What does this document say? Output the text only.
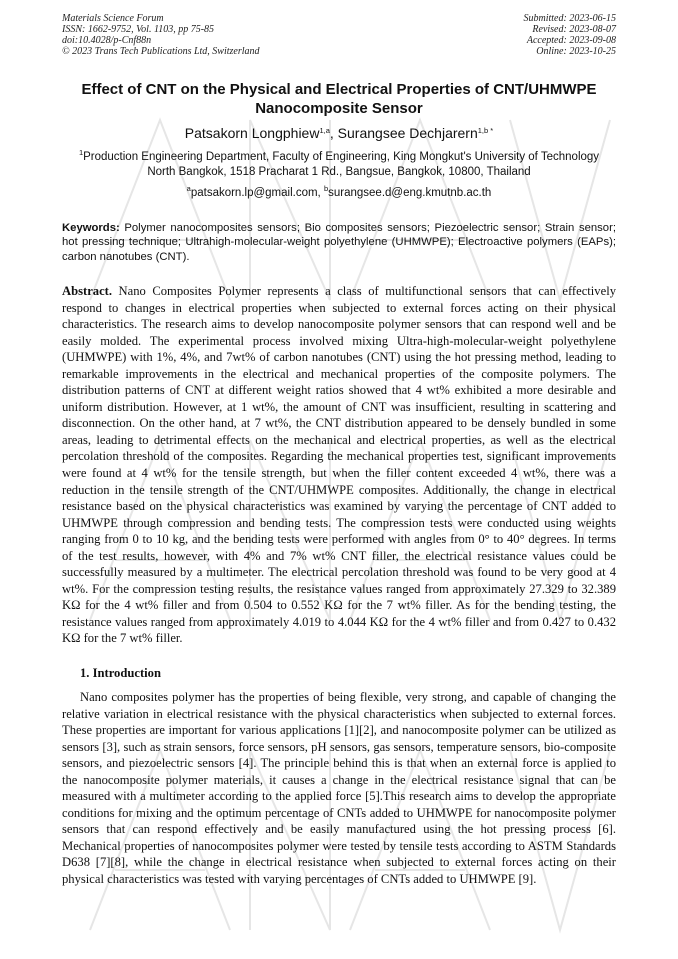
Materials Science Forum
ISSN: 1662-9752, Vol. 1103, pp 75-85
doi:10.4028/p-Cnf88n
© 2023 Trans Tech Publications Ltd, Switzerland
Submitted: 2023-06-15
Revised: 2023-08-07
Accepted: 2023-09-08
Online: 2023-10-25
Effect of CNT on the Physical and Electrical Properties of CNT/UHMWPE Nanocomposite Sensor
Patsakorn Longphiew$^{1,a}$, Surangsee Dechjarern$^{1,b *}$
$^1$Production Engineering Department, Faculty of Engineering, King Mongkut's University of Technology North Bangkok, 1518 Pracharat 1 Rd., Bangsue, Bangkok, 10800, Thailand
$^a$patsakorn.lp@gmail.com, $^b$surangsee.d@eng.kmutnb.ac.th
Keywords: Polymer nanocomposites sensors; Bio composites sensors; Piezoelectric sensor; Strain sensor; hot pressing technique; Ultrahigh-molecular-weight polyethylene (UHMWPE); Electroactive polymers (EAPs); carbon nanotubes (CNT).
Abstract. Nano Composites Polymer represents a class of multifunctional sensors that can effectively respond to changes in electrical properties when subjected to external forces acting on their physical characteristics. The research aims to develop nanocomposite polymer sensors that can respond well and be easily molded. The experimental process involved mixing Ultra-high-molecular-weight polyethylene (UHMWPE) with 1%, 4%, and 7wt% of carbon nanotubes (CNT) using the hot pressing method, leading to remarkable improvements in the electrical and mechanical properties of the composite polymers. The distribution patterns of CNT at different weight ratios showed that 4 wt% exhibited a more desirable and uniform distribution. However, at 1 wt%, the amount of CNT was insufficient, resulting in scattering and disconnection. On the other hand, at 7 wt%, the CNT distribution appeared to be densely bundled in some areas, leading to detrimental effects on the mechanical and electrical properties, as well as the electrical percolation threshold of the composites. Regarding the mechanical properties test, significant improvements were found at 4 wt% for the tensile strength, but when the filler content exceeded 4 wt%, there was a reduction in the tensile strength of the CNT/UHMWPE composites. Additionally, the change in electrical resistance based on the physical characteristics was examined by varying the percentage of CNT added to UHMWPE through compression and bending tests. The compression tests were conducted using weights ranging from 0 to 10 kg, and the bending tests were performed with angles from 0° to 40° degrees. In terms of the test results, however, with 4% and 7% wt% CNT filler, the electrical resistance values could be successfully measured by a multimeter. The electrical percolation threshold was found to be very good at 4 wt%. For the compression testing results, the resistance values ranged from approximately 27.329 to 32.389 KΩ for the 4 wt% filler and from 0.504 to 0.552 KΩ for the 7 wt% filler. As for the bending testing, the resistance values ranged from approximately 4.019 to 4.044 KΩ for the 4 wt% filler and from 0.427 to 0.432 KΩ for the 7 wt% filler.
1. Introduction
Nano composites polymer has the properties of being flexible, very strong, and capable of changing the relative variation in electrical resistance with the physical characteristics when subjected to external forces. These properties are important for various applications [1][2], and nanocomposite polymer can be utilized as sensors [3], such as strain sensors, force sensors, pH sensors, gas sensors, temperature sensors, bio-composite sensors, and piezoelectric sensors [4]. The principle behind this is that when an external force is applied to the nanocomposite polymer materials, it causes a change in the electrical resistance signal that can be measured with a multimeter according to the applied force [5].This research aims to develop the appropriate conditions for mixing and the optimum percentage of CNTs added to UHMWPE for nanocomposite polymer sensors that can respond effectively and be easily manufactured using the hot pressing process [6]. Mechanical properties of nanocomposites polymer were tested by tensile tests according to ASTM Standards D638 [7][8], while the change in electrical resistance when subjected to external forces acting on their physical characteristics was tested with varying percentages of CNTs added to UHMWPE [9].
